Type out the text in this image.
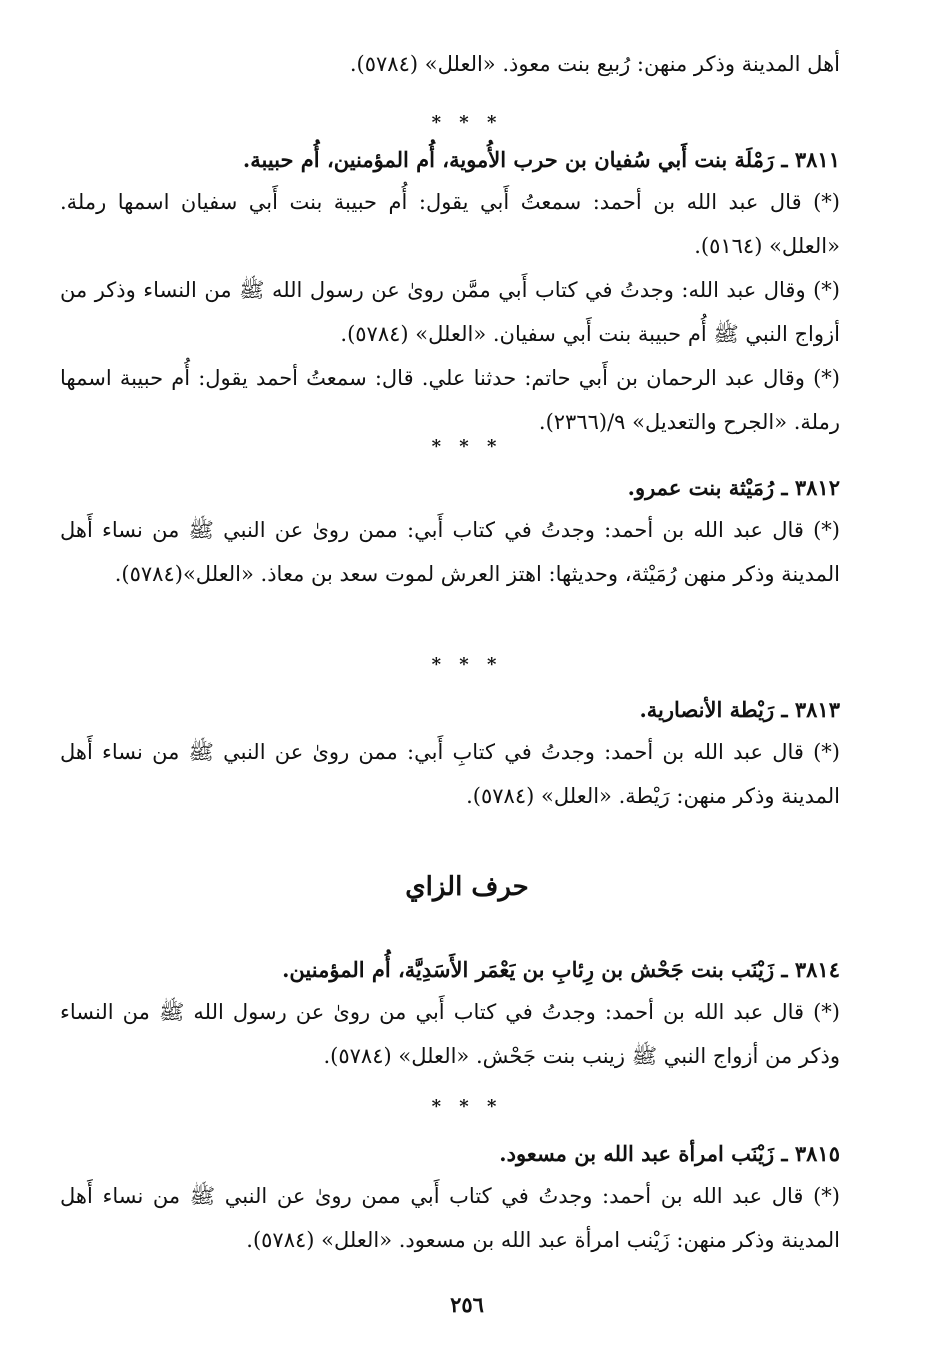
أهل المدينة وذكر منهن: رُبيع بنت معوذ. «العلل» (٥٧٨٤).

* * *

٣٨١١ ـ رَمْلَة بنت أَبي سُفيان بن حرب الأُموية، أُم المؤمنين، أُم حبيبة.

(*) قال عبد الله بن أحمد: سمعتُ أَبي يقول: أُم حبيبة بنت أَبي سفيان اسمها رملة. «العلل» (٥١٦٤).

(*) وقال عبد الله: وجدتُ في كتاب أَبي ممَّن روىٰ عن رسول الله ﷺ من النساء وذكر من أزواج النبي ﷺ أُم حبيبة بنت أَبي سفيان. «العلل» (٥٧٨٤).

(*) وقال عبد الرحمان بن أَبي حاتم: حدثنا علي. قال: سمعتُ أحمد يقول: أُم حبيبة اسمها رملة. «الجرح والتعديل» ٩/(٢٣٦٦).

* * *

٣٨١٢ ـ رُمَيْثة بنت عمرو.

(*) قال عبد الله بن أحمد: وجدتُ في كتاب أَبي: ممن روىٰ عن النبي ﷺ من نساء أَهل المدينة وذكر منهن رُمَيْثة، وحديثها: اهتز العرش لموت سعد بن معاذ. «العلل»(٥٧٨٤).

* * *

٣٨١٣ ـ رَيْطة الأنصارية.

(*) قال عبد الله بن أحمد: وجدتُ في كتابِ أَبي: ممن روىٰ عن النبي ﷺ من نساء أَهل المدينة وذكر منهن: رَيْطة. «العلل» (٥٧٨٤).

حرف الزاي

٣٨١٤ ـ زَيْنَب بنت جَحْش بن رِئابِ بن يَعْمَر الأَسَدِيَّة، أُم المؤمنين.

(*) قال عبد الله بن أحمد: وجدتُ في كتاب أَبي من روىٰ عن رسول الله ﷺ من النساء وذكر من أزواج النبي ﷺ زينب بنت جَحْش. «العلل» (٥٧٨٤).

* * *

٣٨١٥ ـ زَيْنَب امرأة عبد الله بن مسعود.

(*) قال عبد الله بن أحمد: وجدتُ في كتاب أَبي ممن روىٰ عن النبي ﷺ من نساء أَهل المدينة وذكر منهن: زَيْنب امرأة عبد الله بن مسعود. «العلل» (٥٧٨٤).

٢٥٦
